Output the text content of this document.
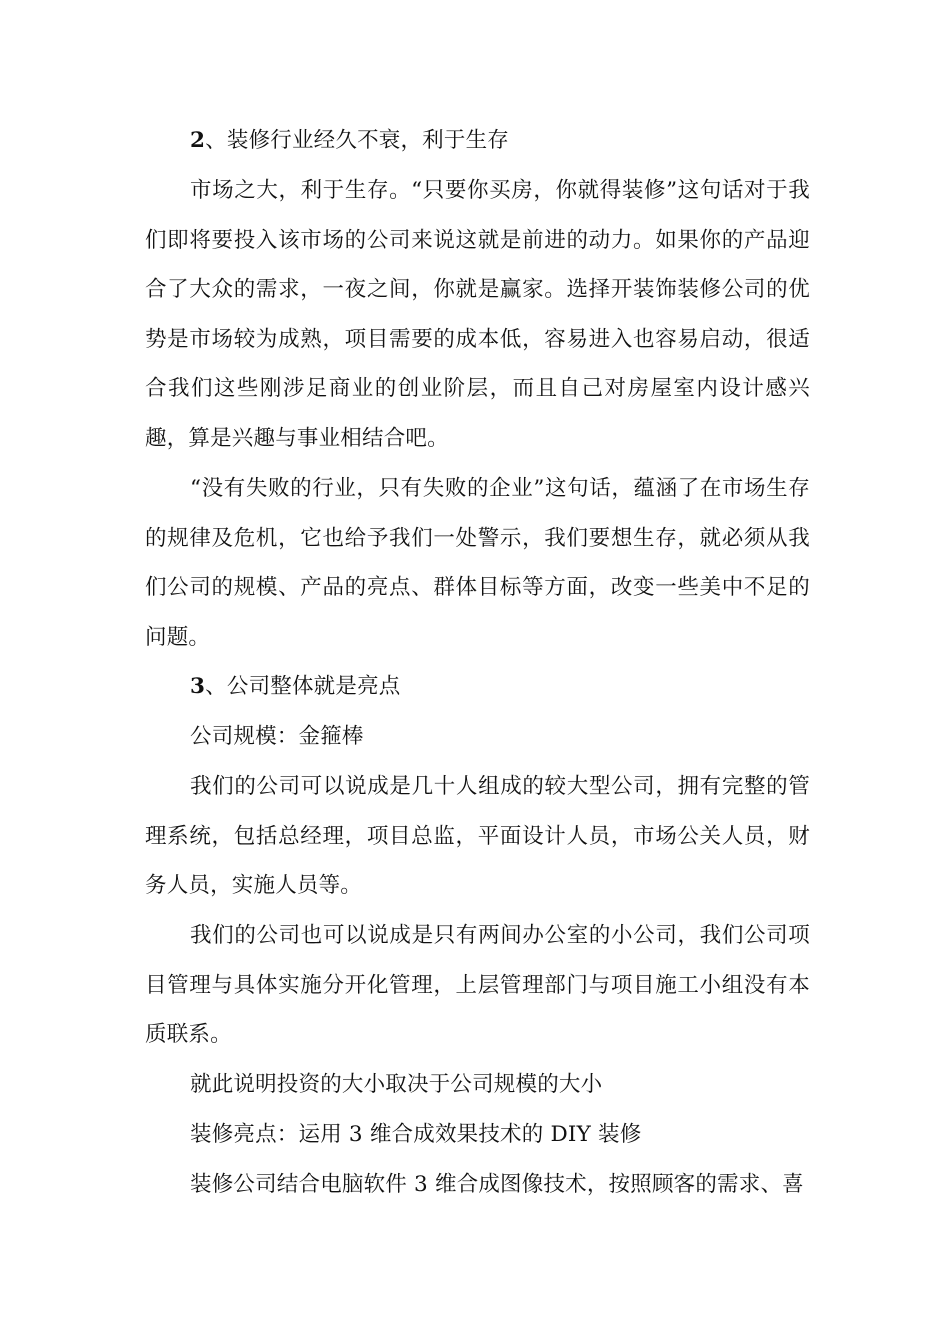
2、装修行业经久不衰，利于生存

市场之大，利于生存。“只要你买房，你就得装修”这句话对于我们即将要投入该市场的公司来说这就是前进的动力。如果你的产品迎合了大众的需求，一夜之间，你就是赢家。选择开装饰装修公司的优势是市场较为成熟，项目需要的成本低，容易进入也容易启动，很适合我们这些刚涉足商业的创业阶层，而且自己对房屋室内设计感兴趣，算是兴趣与事业相结合吧。

“没有失败的行业，只有失败的企业”这句话，蕴涵了在市场生存的规律及危机，它也给予我们一处警示，我们要想生存，就必须从我们公司的规模、产品的亮点、群体目标等方面，改变一些美中不足的问题。

3、公司整体就是亮点

公司规模：金箍棒

我们的公司可以说成是几十人组成的较大型公司，拥有完整的管理系统，包括总经理，项目总监，平面设计人员，市场公关人员，财务人员，实施人员等。

我们的公司也可以说成是只有两间办公室的小公司，我们公司项目管理与具体实施分开化管理，上层管理部门与项目施工小组没有本质联系。

就此说明投资的大小取决于公司规模的大小

装修亮点：运用 3 维合成效果技术的 DIY 装修

装修公司结合电脑软件 3 维合成图像技术，按照顾客的需求、喜
